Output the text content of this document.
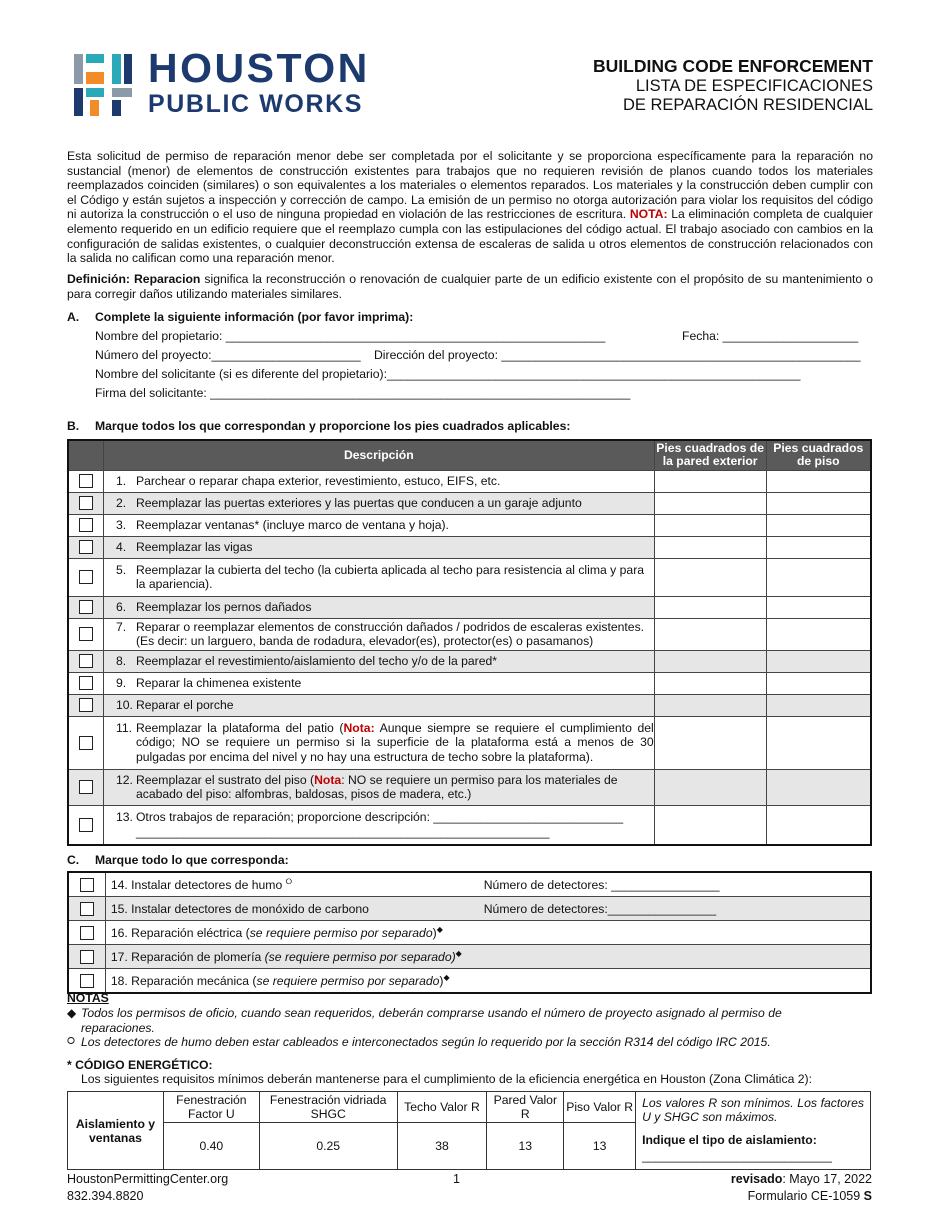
HOUSTON
PUBLIC WORKS
BUILDING CODE ENFORCEMENT
LISTA DE ESPECIFICACIONES
DE REPARACIÓN RESIDENCIAL
Esta solicitud de permiso de reparación menor debe ser completada por el solicitante y se proporciona específicamente para la reparación no sustancial (menor) de elementos de construcción existentes para trabajos que no requieren revisión de planos cuando todos los materiales reemplazados coinciden (similares) o son equivalentes a los materiales o elementos reparados. Los materiales y la construcción deben cumplir con el Código y están sujetos a inspección y corrección de campo. La emisión de un permiso no otorga autorización para violar los requisitos del código ni autoriza la construcción o el uso de ninguna propiedad en violación de las restricciones de escritura. NOTA: La eliminación completa de cualquier elemento requerido en un edificio requiere que el reemplazo cumpla con las estipulaciones del código actual. El trabajo asociado con cambios en la configuración de salidas existentes, o cualquier deconstrucción extensa de escaleras de salida u otros elementos de construcción relacionados con la salida no califican como una reparación menor.
Definición: Reparacion significa la reconstrucción o renovación de cualquier parte de un edificio existente con el propósito de su mantenimiento o para corregir daños utilizando materiales similares.
A. Complete la siguiente información (por favor imprima):
Nombre del propietario: ________________________________________________________	Fecha: ____________________
Número del proyecto:______________________ Dirección del proyecto: _____________________________________________________
Nombre del solicitante (si es diferente del propietario):_____________________________________________________________
Firma del solicitante: ______________________________________________________________
B. Marque todos los que correspondan y proporcione los pies cuadrados aplicables:
	Descripción	Pies cuadrados de la pared exterior	Pies cuadrados de piso

	1. Parchear o reparar chapa exterior, revestimiento, estuco, EIFS, etc.		

	2. Reemplazar las puertas exteriores y las puertas que conducen a un garaje adjunto		

	3. Reemplazar ventanas* (incluye marco de ventana y hoja).		

	4. Reemplazar las vigas		

	5. Reemplazar la cubierta del techo (la cubierta aplicada al techo para resistencia al clima y para la apariencia).		

	6. Reemplazar los pernos dañados		

	7. Reparar o reemplazar elementos de construcción dañados / podridos de escaleras existentes. (Es decir: un larguero, banda de rodadura, elevador(es), protector(es) o pasamanos)		

	8. Reemplazar el revestimiento/aislamiento del techo y/o de la pared*		

	9. Reparar la chimenea existente		

	10. Reparar el porche		

	11. Reemplazar la plataforma del patio (Nota: Aunque siempre se requiere el cumplimiento del código; NO se requiere un permiso si la superficie de la plataforma está a menos de 30 pulgadas por encima del nivel y no hay una estructura de techo sobre la plataforma).		

	12. Reemplazar el sustrato del piso (Nota: NO se requiere un permiso para los materiales de acabado del piso: alfombras, baldosas, pisos de madera, etc.)		

	13. Otros trabajos de reparación; proporcione descripción: ____________________________
_____________________________________________________________		

C. Marque todo lo que corresponda:
	14. Instalar detectores de humo ⭘	Número de detectores: ________________
	15. Instalar detectores de monóxido de carbono	Número de detectores:________________
	16. Reparación eléctrica (se requiere permiso por separado)◆
	17. Reparación de plomería (se requiere permiso por separado)◆
	18. Reparación mecánica (se requiere permiso por separado)◆
NOTAS
◆ Todos los permisos de oficio, cuando sean requeridos, deberán comprarse usando el número de proyecto asignado al permiso de reparaciones.
⭘ Los detectores de humo deben estar cableados e interconectados según lo requerido por la sección R314 del código IRC 2015.
* CÓDIGO ENERGÉTICO:
Los siguientes requisitos mínimos deberán mantenerse para el cumplimiento de la eficiencia energética en Houston (Zona Climática 2):
Aislamiento y ventanas	Fenestración Factor U	Fenestración vidriada SHGC	Techo Valor R	Pared Valor R	Piso Valor R	Los valores R son mínimos. Los factores U y SHGC son máximos.
Indique el tipo de aislamiento:
____________________________

	0.40	0.25	38	13	13	
HoustonPermittingCenter.org
832.394.8820
1	revisado: Mayo 17, 2022
Formulario CE-1059 S
